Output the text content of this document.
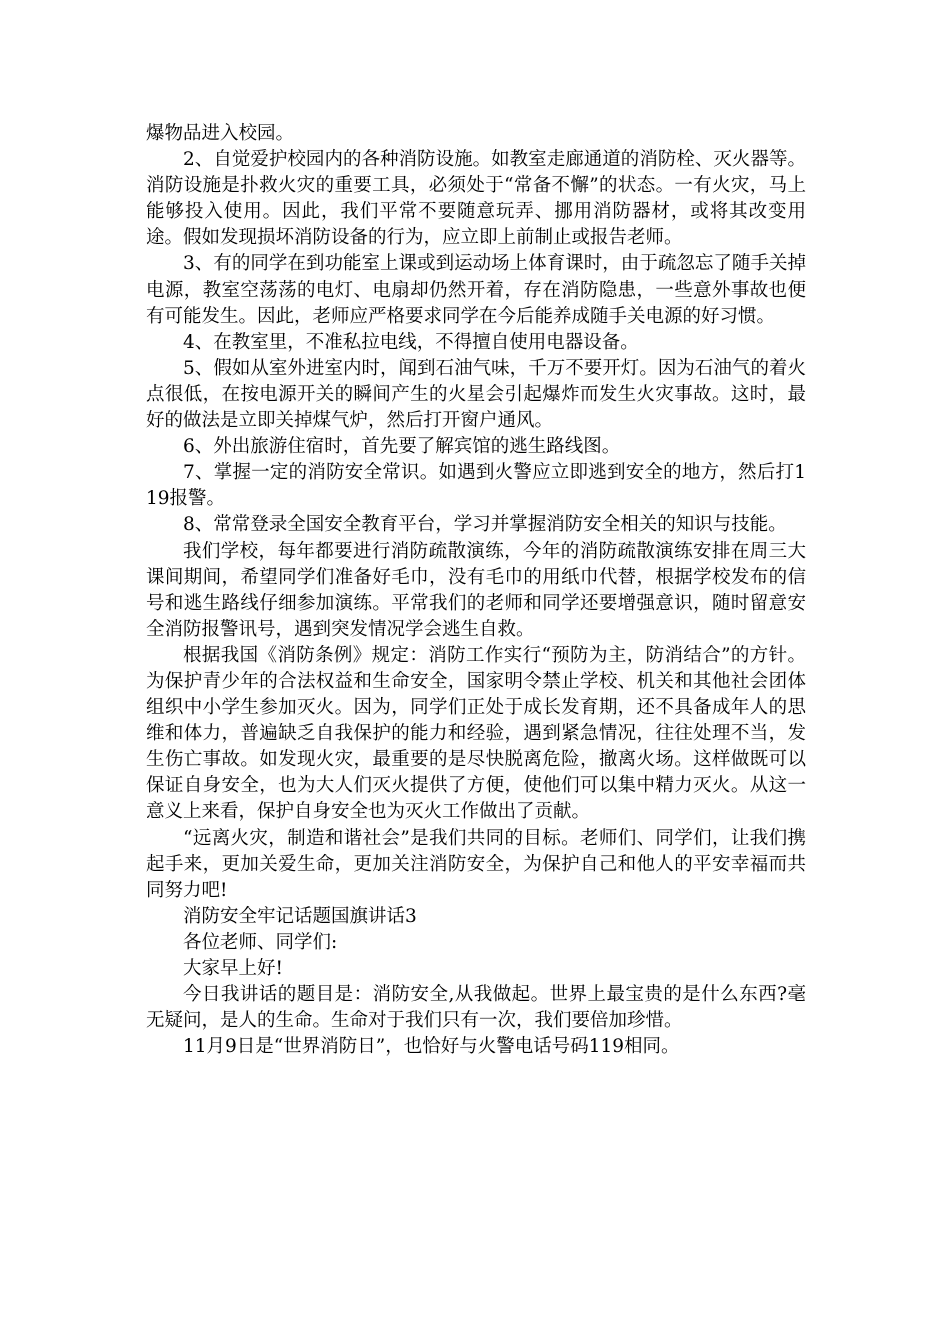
爆物品进入校园。

2、自觉爱护校园内的各种消防设施。如教室走廊通道的消防栓、灭火器等。消防设施是扑救火灾的重要工具，必须处于“常备不懈”的状态。一有火灾，马上能够投入使用。因此，我们平常不要随意玩弄、挪用消防器材，或将其改变用途。假如发现损坏消防设备的行为，应立即上前制止或报告老师。

3、有的同学在到功能室上课或到运动场上体育课时，由于疏忽忘了随手关掉电源，教室空荡荡的电灯、电扇却仍然开着，存在消防隐患，一些意外事故也便有可能发生。因此，老师应严格要求同学在今后能养成随手关电源的好习惯。

4、在教室里，不准私拉电线，不得擅自使用电器设备。

5、假如从室外进室内时，闻到石油气味，千万不要开灯。因为石油气的着火点很低，在按电源开关的瞬间产生的火星会引起爆炸而发生火灾事故。这时，最好的做法是立即关掉煤气炉，然后打开窗户通风。

6、外出旅游住宿时，首先要了解宾馆的逃生路线图。

7、掌握一定的消防安全常识。如遇到火警应立即逃到安全的地方，然后打119报警。

8、常常登录全国安全教育平台，学习并掌握消防安全相关的知识与技能。

我们学校，每年都要进行消防疏散演练，今年的消防疏散演练安排在周三大课间期间，希望同学们准备好毛巾，没有毛巾的用纸巾代替，根据学校发布的信号和逃生路线仔细参加演练。平常我们的老师和同学还要增强意识，随时留意安全消防报警讯号，遇到突发情况学会逃生自救。

根据我国《消防条例》规定：消防工作实行“预防为主，防消结合”的方针。为保护青少年的合法权益和生命安全，国家明令禁止学校、机关和其他社会团体组织中小学生参加灭火。因为，同学们正处于成长发育期，还不具备成年人的思维和体力，普遍缺乏自我保护的能力和经验，遇到紧急情况，往往处理不当，发生伤亡事故。如发现火灾，最重要的是尽快脱离危险，撤离火场。这样做既可以保证自身安全，也为大人们灭火提供了方便，使他们可以集中精力灭火。从这一意义上来看，保护自身安全也为灭火工作做出了贡献。

“远离火灾，制造和谐社会”是我们共同的目标。老师们、同学们，让我们携起手来，更加关爱生命，更加关注消防安全，为保护自己和他人的平安幸福而共同努力吧!

消防安全牢记话题国旗讲话3

各位老师、同学们:

大家早上好!

今日我讲话的题目是：消防安全,从我做起。世界上最宝贵的是什么东西?毫无疑问，是人的生命。生命对于我们只有一次，我们要倍加珍惜。

11月9日是“世界消防日”，也恰好与火警电话号码119相同。
